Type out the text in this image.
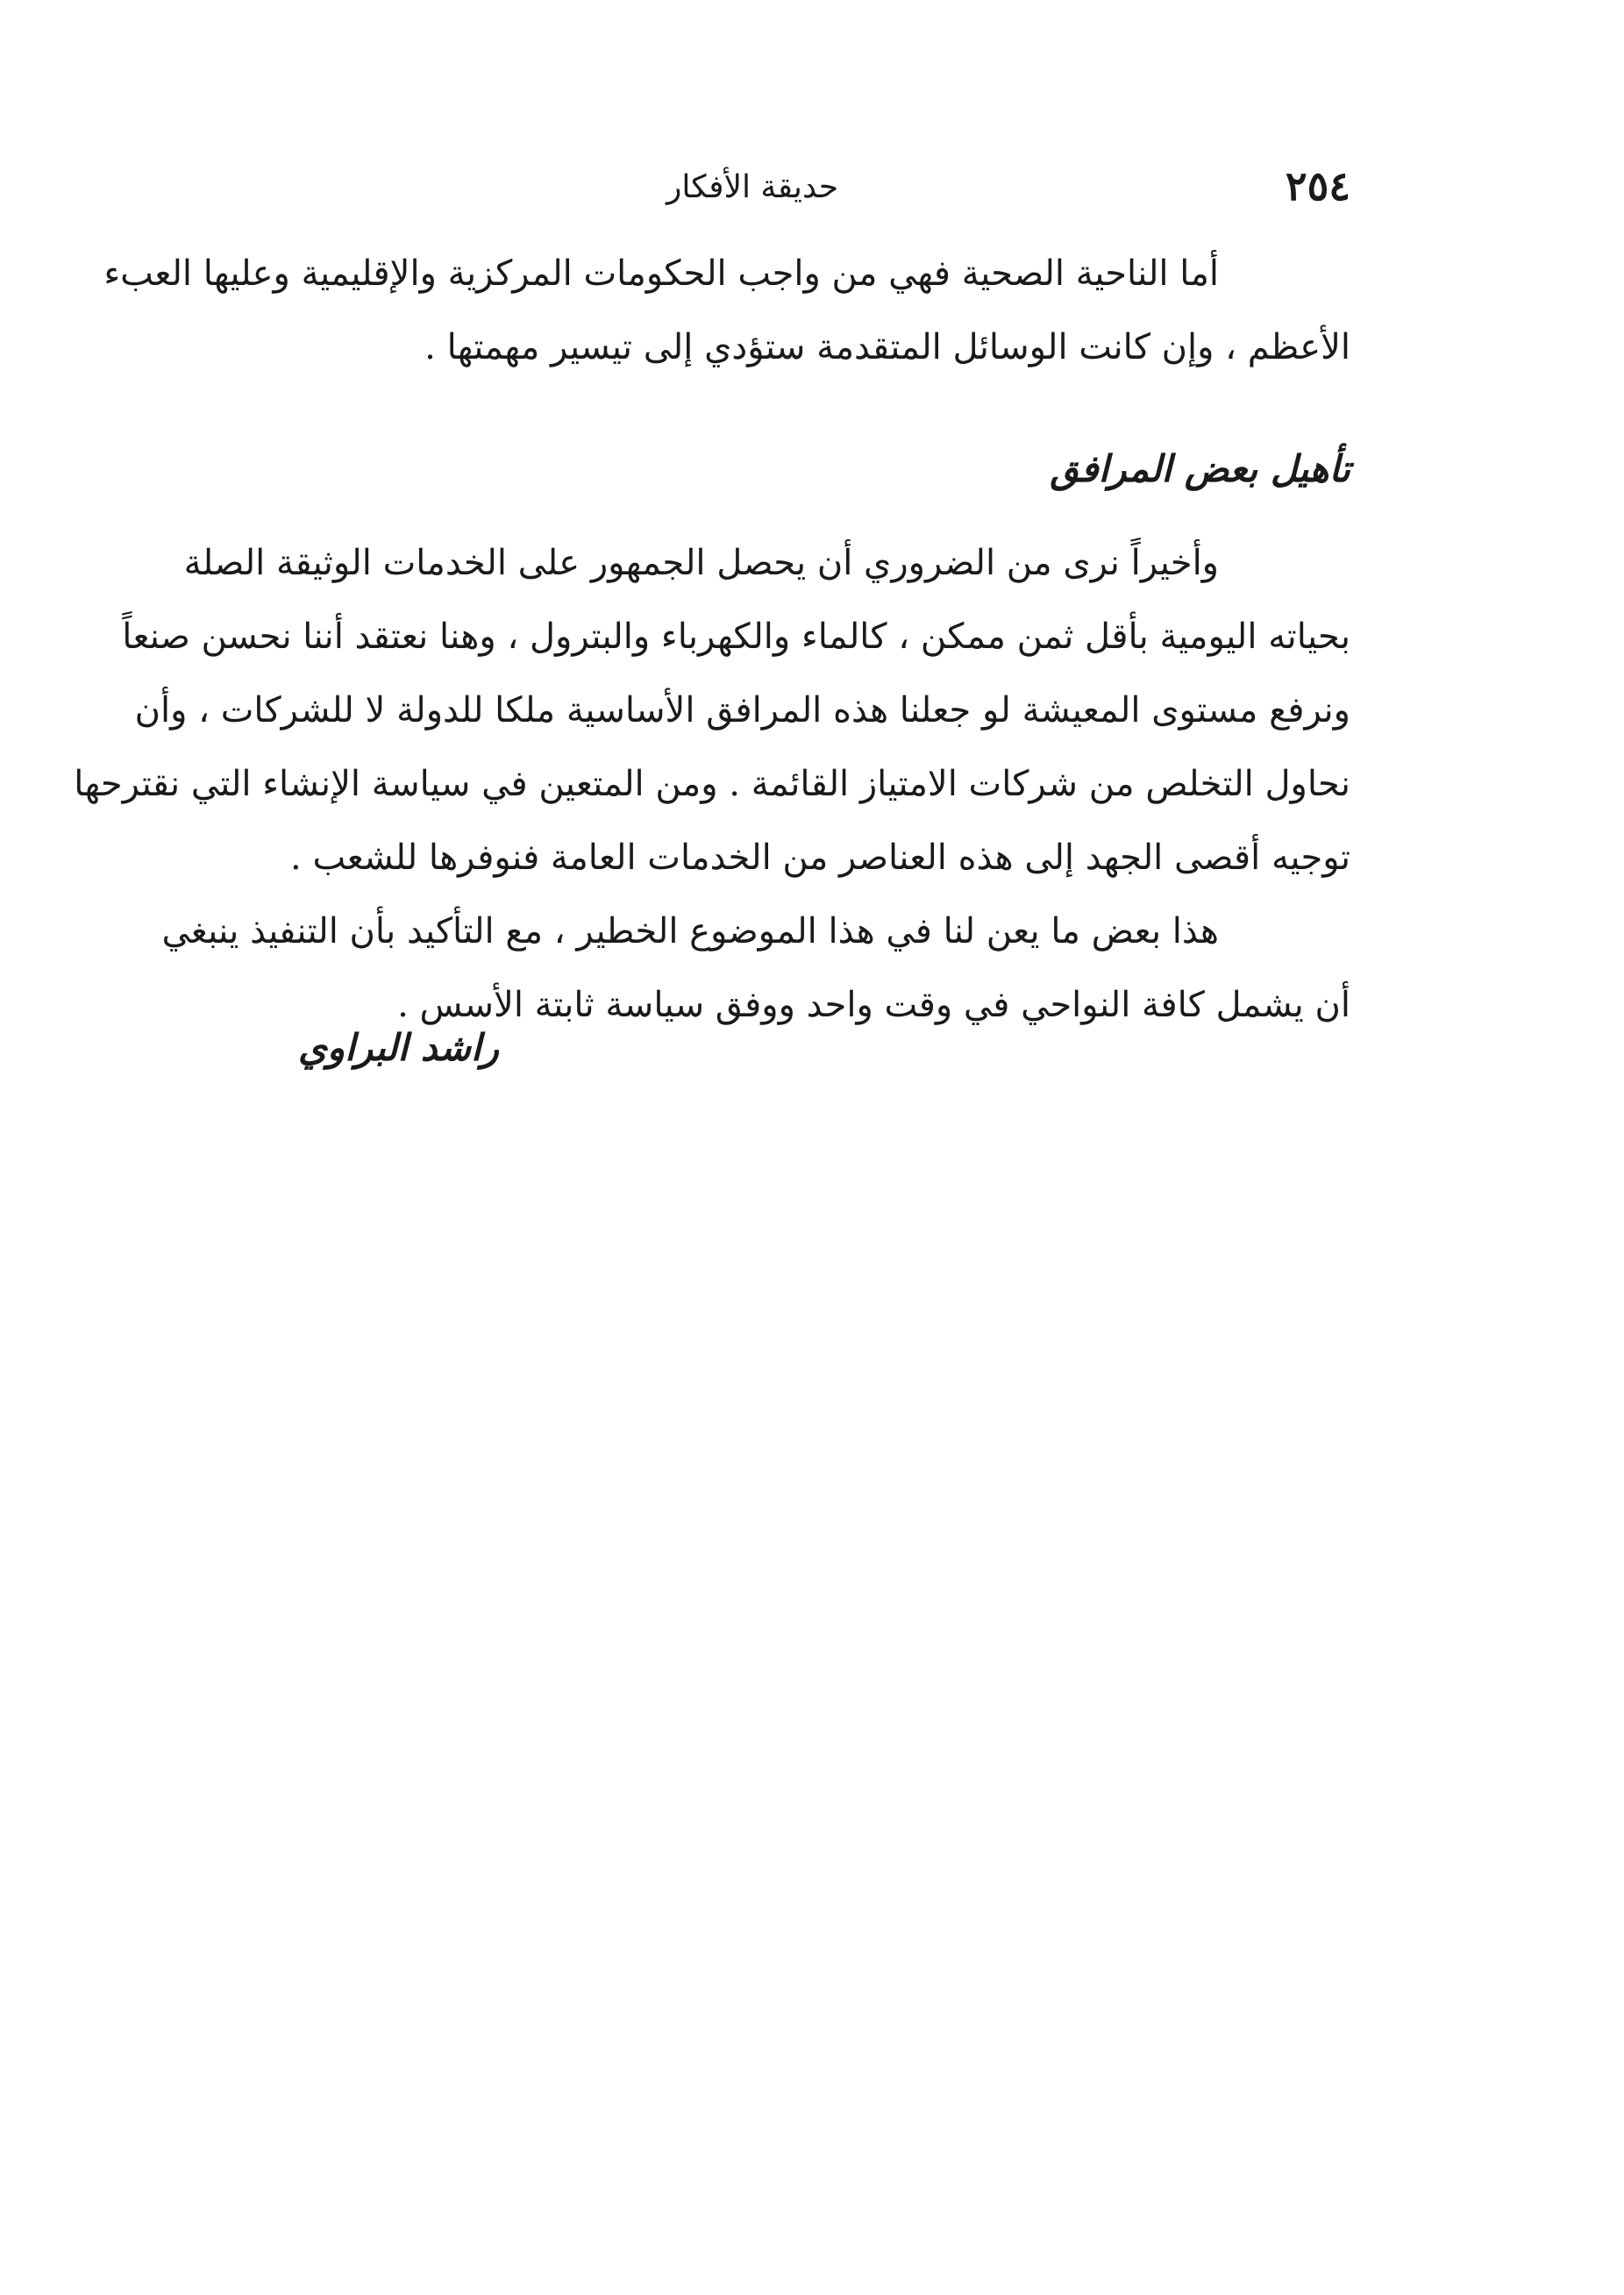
٢٥٤
حديقة الأفكار
أما الناحية الصحية فهي من واجب الحكومات المركزية والإقليمية وعليها العبء
الأعظم ، وإن كانت الوسائل المتقدمة ستؤدي إلى تيسير مهمتها .
تأهيل بعض المرافق
وأخيراً نرى من الضروري أن يحصل الجمهور على الخدمات الوثيقة الصلة
بحياته اليومية بأقل ثمن ممكن ، كالماء والكهرباء والبترول ، وهنا نعتقد أننا نحسن صنعاً
ونرفع مستوى المعيشة لو جعلنا هذه المرافق الأساسية ملكا للدولة لا للشركات ، وأن
نحاول التخلص من شركات الامتياز القائمة . ومن المتعين في سياسة الإنشاء التي نقترحها
توجيه أقصى الجهد إلى هذه العناصر من الخدمات العامة فنوفرها للشعب .
هذا بعض ما يعن لنا في هذا الموضوع الخطير ، مع التأكيد بأن التنفيذ ينبغي
أن يشمل كافة النواحي في وقت واحد ووفق سياسة ثابتة الأسس .
راشد البراوي
